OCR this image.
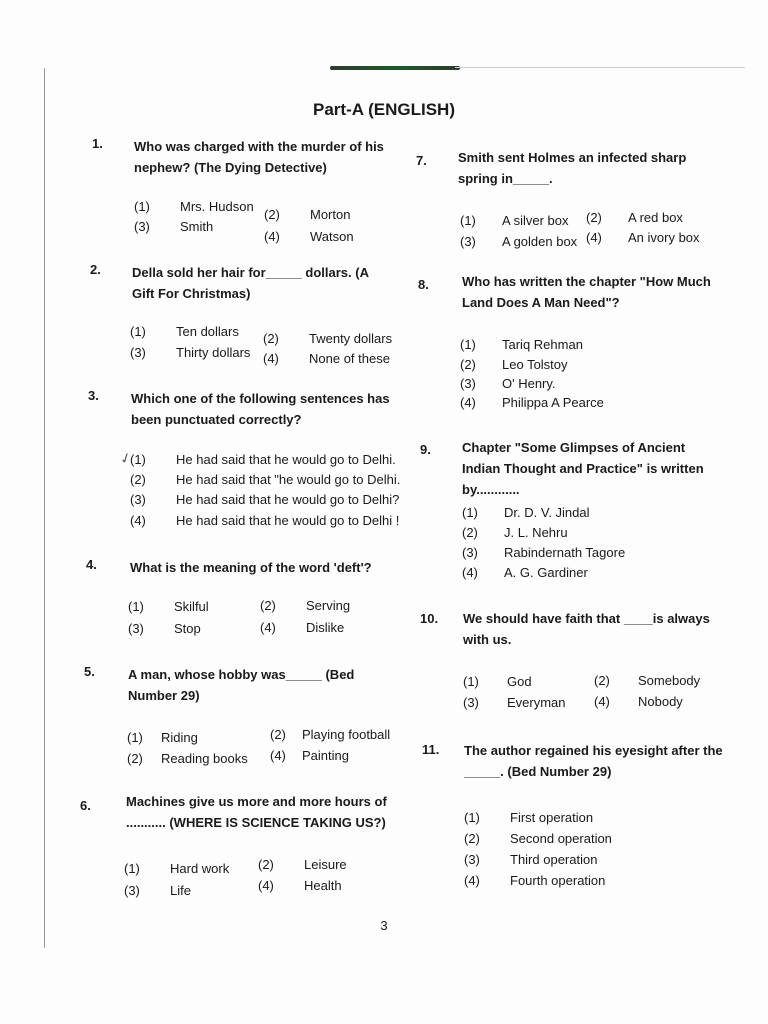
Part-A (ENGLISH)
1. Who was charged with the murder of his nephew? (The Dying Detective)
(1) Mrs. Hudson
(2) Morton
(3) Smith
(4) Watson
2. Della sold her hair for_____ dollars. (A Gift For Christmas)
(1) Ten dollars (2) Twenty dollars
(3) Thirty dollars (4) None of these
3. Which one of the following sentences has been punctuated correctly?
(1) He had said that he would go to Delhi.
(2) He had said that "he would go to Delhi.
(3) He had said that he would go to Delhi?
(4) He had said that he would go to Delhi !
✓
4.	What is the meaning of the word 'deft'?
(1) Skilful	(2) Serving
(3) Stop	(4) Dislike
5.	A man, whose hobby was_____ (Bed Number 29)
(1) Riding	(2) Playing football
(2) Reading books (4) Painting
6.	Machines give us more and more hours of ........... (WHERE IS SCIENCE TAKING US?)
(1) Hard work (2) Leisure
(3) Life	(4) Health
7. Smith sent Holmes an infected sharp spring in_____.
(1) A silver box (2) A red box
(3) A golden box (4) An ivory box
8.	Who has written the chapter "How Much Land Does A Man Need"?
(1) Tariq Rehman
(2) Leo Tolstoy
(3) O' Henry.
(4) Philippa A Pearce
9. Chapter "Some Glimpses of Ancient Indian Thought and Practice" is written by............
(1) Dr. D. V. Jindal
(2) J. L. Nehru
(3) Rabindernath Tagore
(4) A. G. Gardiner
10. We should have faith that ____is always with us.
(1) God	(2) Somebody
(3) Everyman (4) Nobody
11. The author regained his eyesight after the _____. (Bed Number 29)
(1) First operation
(2) Second operation
(3) Third operation
(4) Fourth operation
3
